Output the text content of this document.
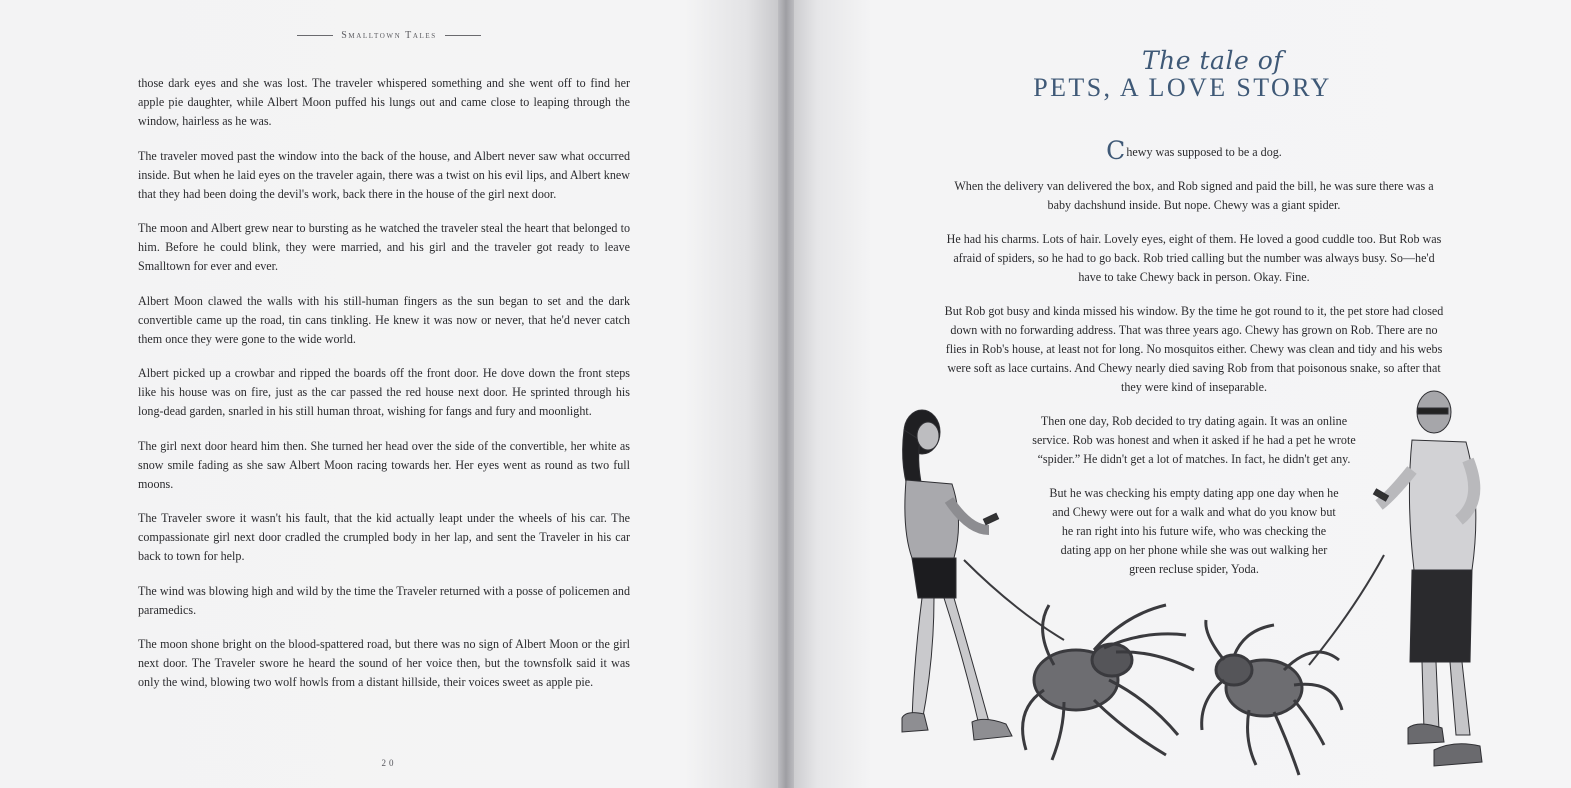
Smalltown Tales

those dark eyes and she was lost. The traveler whispered something and she went off to find her apple pie daughter, while Albert Moon puffed his lungs out and came close to leaping through the window, hairless as he was.

The traveler moved past the window into the back of the house, and Albert never saw what occurred inside. But when he laid eyes on the traveler again, there was a twist on his evil lips, and Albert knew that they had been doing the devil's work, back there in the house of the girl next door.

The moon and Albert grew near to bursting as he watched the traveler steal the heart that belonged to him. Before he could blink, they were married, and his girl and the traveler got ready to leave Smalltown for ever and ever.

Albert Moon clawed the walls with his still-human fingers as the sun began to set and the dark convertible came up the road, tin cans tinkling. He knew it was now or never, that he'd never catch them once they were gone to the wide world.

Albert picked up a crowbar and ripped the boards off the front door. He dove down the front steps like his house was on fire, just as the car passed the red house next door. He sprinted through his long-dead garden, snarled in his still human throat, wishing for fangs and fury and moonlight.

The girl next door heard him then. She turned her head over the side of the convertible, her white as snow smile fading as she saw Albert Moon racing towards her. Her eyes went as round as two full moons.

The Traveler swore it wasn't his fault, that the kid actually leapt under the wheels of his car. The compassionate girl next door cradled the crumpled body in her lap, and sent the Traveler in his car back to town for help.

The wind was blowing high and wild by the time the Traveler returned with a posse of policemen and paramedics.

The moon shone bright on the blood-spattered road, but there was no sign of Albert Moon or the girl next door. The Traveler swore he heard the sound of her voice then, but the townsfolk said it was only the wind, blowing two wolf howls from a distant hillside, their voices sweet as apple pie.

20
The tale of
PETS, A LOVE STORY

Chewy was supposed to be a dog.

When the delivery van delivered the box, and Rob signed and paid the bill, he was sure there was a baby dachshund inside. But nope. Chewy was a giant spider.

He had his charms. Lots of hair. Lovely eyes, eight of them. He loved a good cuddle too. But Rob was afraid of spiders, so he had to go back. Rob tried calling but the number was always busy. So—he'd have to take Chewy back in person. Okay. Fine.

But Rob got busy and kinda missed his window. By the time he got round to it, the pet store had closed down with no forwarding address. That was three years ago. Chewy has grown on Rob. There are no flies in Rob's house, at least not for long. No mosquitos either. Chewy was clean and tidy and his webs were soft as lace curtains. And Chewy nearly died saving Rob from that poisonous snake, so after that they were kind of inseparable.

Then one day, Rob decided to try dating again. It was an online service. Rob was honest and when it asked if he had a pet he wrote “spider.” He didn't get a lot of matches. In fact, he didn't get any.

But he was checking his empty dating app one day when he and Chewy were out for a walk and what do you know but he ran right into his future wife, who was checking the dating app on her phone while she was out walking her green recluse spider, Yoda.
